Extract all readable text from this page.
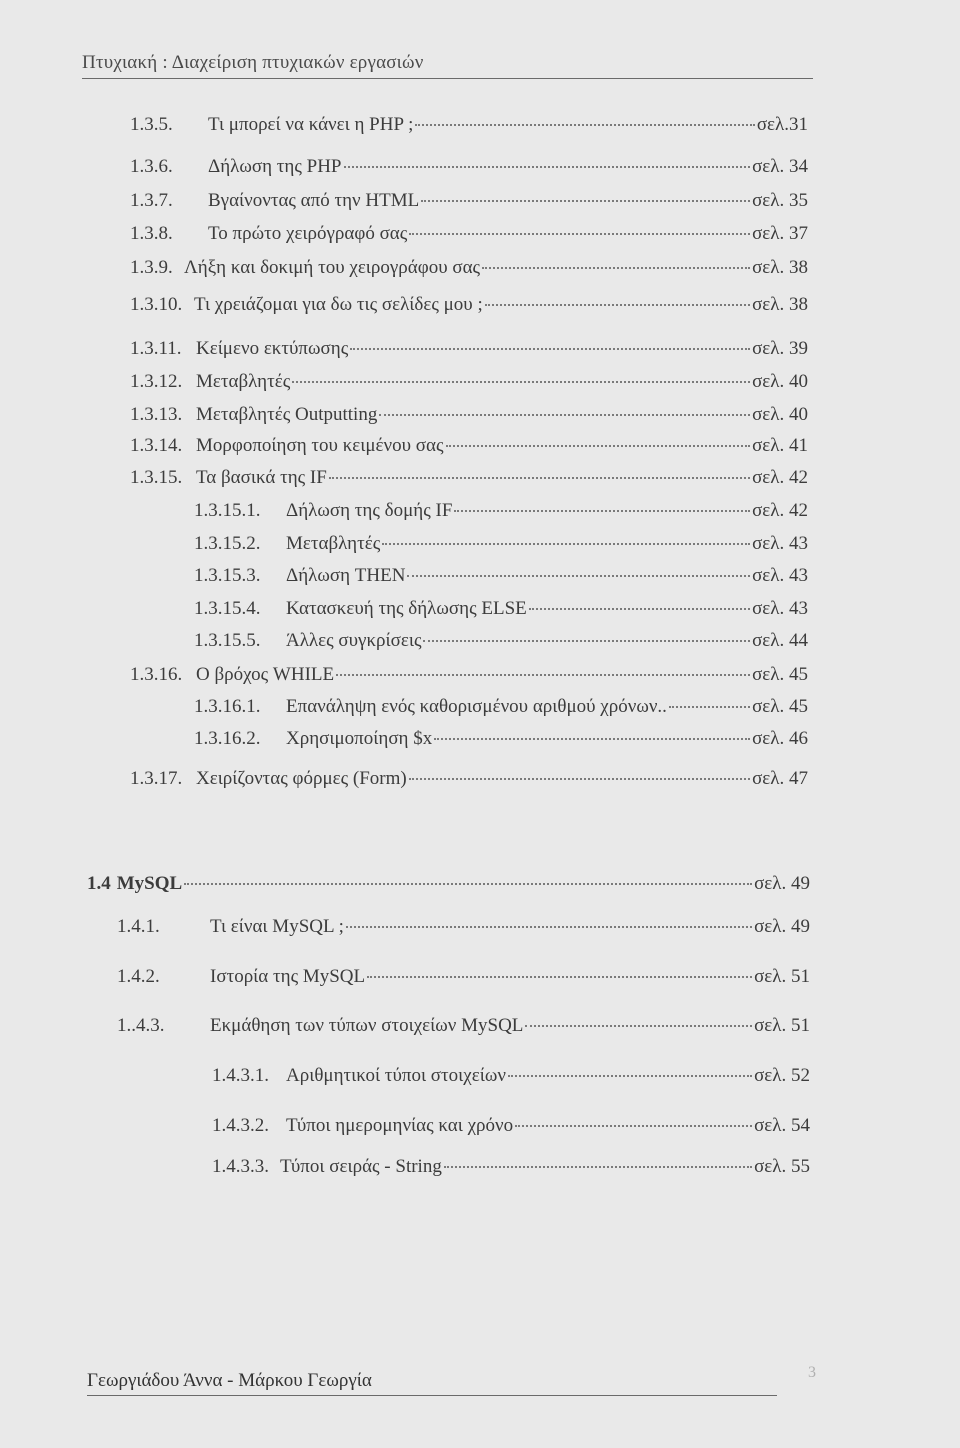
Πτυχιακή : Διαχείριση πτυχιακών εργασιών
1.3.5.	Τι μπορεί να κάνει η PHP ;	σελ.31
1.3.6.	Δήλωση της PHP	σελ. 34
1.3.7.	Βγαίνοντας από την HTML	σελ. 35
1.3.8.	Το πρώτο χειρόγραφό σας	σελ. 37
1.3.9. Λήξη και δοκιμή του χειρογράφου σας	σελ. 38
1.3.10. Τι χρειάζομαι για δω τις σελίδες μου ;	σελ. 38
1.3.11. Κείμενο εκτύπωσης	σελ. 39
1.3.12. Μεταβλητές	σελ. 40
1.3.13. Μεταβλητές Outputting	σελ. 40
1.3.14. Μορφοποίηση του κειμένου σας	σελ. 41
1.3.15. Τα βασικά της IF	σελ. 42
1.3.15.1.	Δήλωση της δομής IF	σελ. 42
1.3.15.2.	Μεταβλητές	σελ. 43
1.3.15.3.	Δήλωση THEN	σελ. 43
1.3.15.4.	Κατασκευή της δήλωσης ELSE	σελ. 43
1.3.15.5.	Άλλες συγκρίσεις	σελ. 44
1.3.16. Ο βρόχος WHILE	σελ. 45
1.3.16.1.	Επανάληψη ενός καθορισμένου αριθμού χρόνων..	σελ. 45
1.3.16.2.	Χρησιμοποίηση $x	σελ. 46
1.3.17. Χειρίζοντας φόρμες (Form)	σελ. 47
1.4 MySQL	σελ. 49
1.4.1.	Τι είναι MySQL ;	σελ. 49
1.4.2.	Ιστορία της MySQL	σελ. 51
1..4.3.	Εκμάθηση των τύπων στοιχείων MySQL	σελ. 51
1.4.3.1. Αριθμητικοί τύποι στοιχείων	σελ. 52
1.4.3.2. Τύποι ημερομηνίας και χρόνο	σελ. 54
1.4.3.3. Τύποι σειράς - String	σελ. 55
Γεωργιάδου Άννα - Μάρκου Γεωργία	3
